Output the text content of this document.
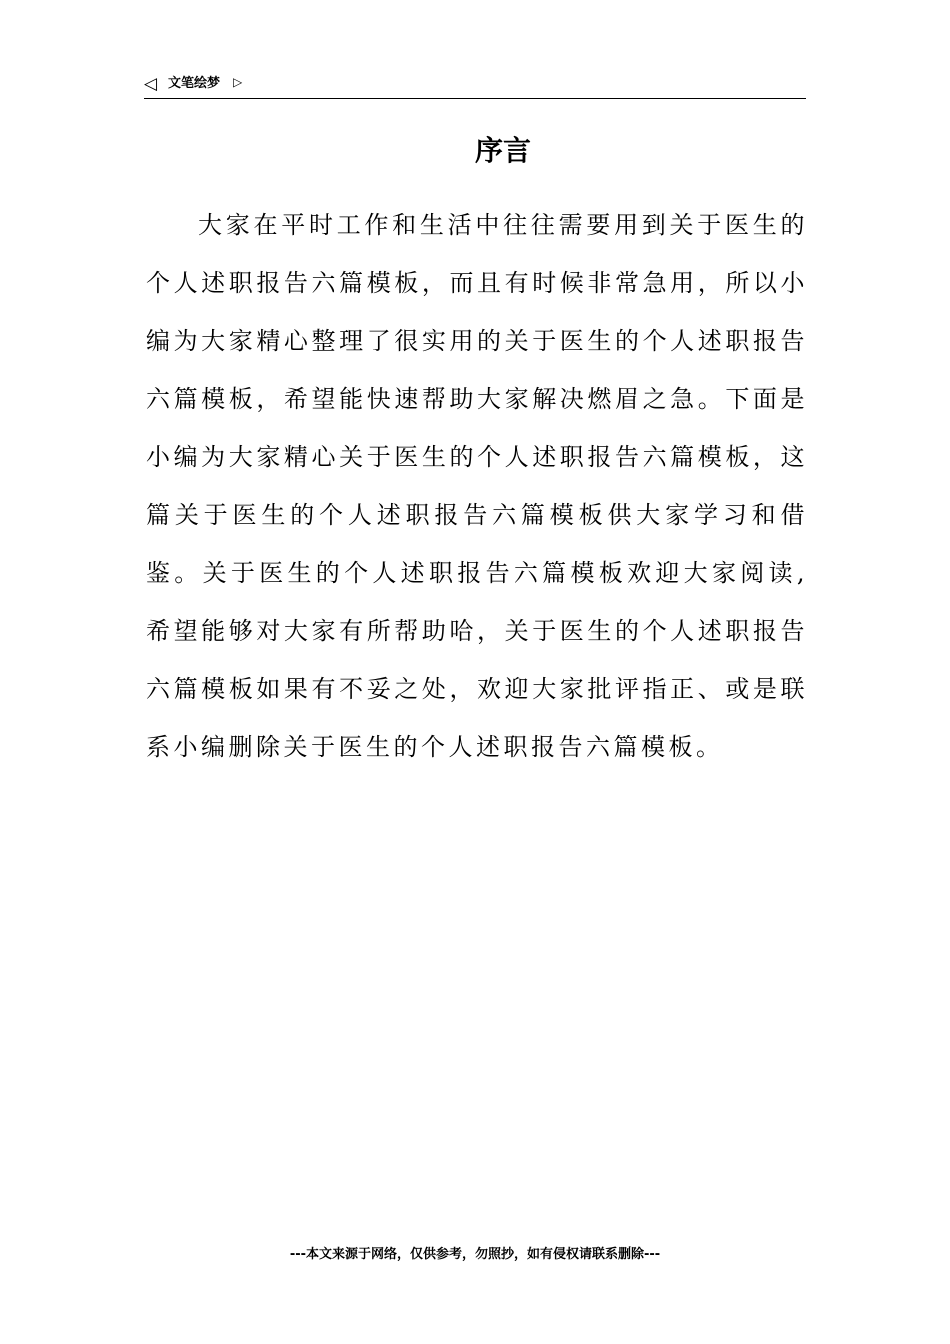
◁ 文笔绘梦 ▷
序言

大家在平时工作和生活中往往需要用到关于医生的个人述职报告六篇模板，而且有时候非常急用，所以小编为大家精心整理了很实用的关于医生的个人述职报告六篇模板，希望能快速帮助大家解决燃眉之急。下面是小编为大家精心关于医生的个人述职报告六篇模板，这篇关于医生的个人述职报告六篇模板供大家学习和借鉴。关于医生的个人述职报告六篇模板欢迎大家阅读,希望能够对大家有所帮助哈，关于医生的个人述职报告六篇模板如果有不妥之处，欢迎大家批评指正、或是联系小编删除关于医生的个人述职报告六篇模板。

---本文来源于网络，仅供参考，勿照抄，如有侵权请联系删除---
